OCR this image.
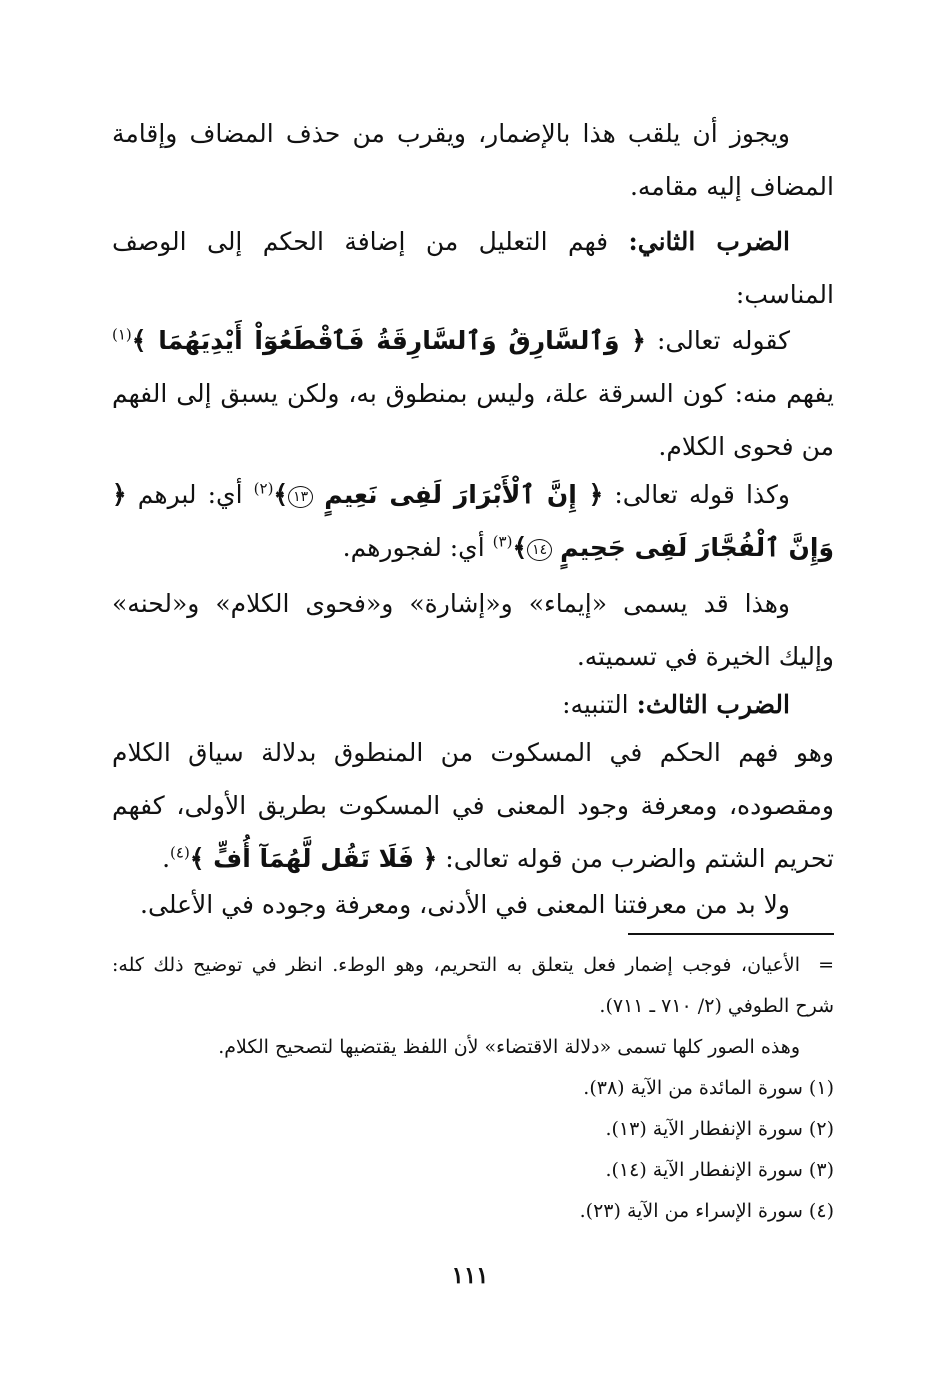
ويجوز أن يلقب هذا بالإضمار، ويقرب من حذف المضاف وإقامة المضاف إليه مقامه.
الضرب الثاني: فهم التعليل من إضافة الحكم إلى الوصف المناسب:
كقوله تعالى: ﴿ وَٱلسَّارِقُ وَٱلسَّارِقَةُ فَٱقْطَعُوٓاْ أَيْدِيَهُمَا ﴾$^{(١)}$ يفهم منه: كون السرقة علة، وليس بمنطوق به، ولكن يسبق إلى الفهم من فحوى الكلام.
وكذا قوله تعالى: ﴿ إِنَّ ٱلْأَبْرَارَ لَفِى نَعِيمٍ ١٣﴾$^{(٢)}$ أي: لبرهم ﴿ وَإِنَّ ٱلْفُجَّارَ لَفِى جَحِيمٍ ١٤﴾$^{(٣)}$ أي: لفجورهم.
وهذا قد يسمى «إيماء» و«إشارة» و«فحوى الكلام» و«لحنه» وإليك الخيرة في تسميته.
الضرب الثالث: التنبيه:
وهو فهم الحكم في المسكوت من المنطوق بدلالة سياق الكلام ومقصوده، ومعرفة وجود المعنى في المسكوت بطريق الأولى، كفهم تحريم الشتم والضرب من قوله تعالى: ﴿ فَلَا تَقُل لَّهُمَآ أُفٍّ ﴾$^{(٤)}$.
ولا بد من معرفتنا المعنى في الأدنى، ومعرفة وجوده في الأعلى.
=الأعيان، فوجب إضمار فعل يتعلق به التحريم، وهو الوطء. انظر في توضيح ذلك كله: شرح الطوفي (٢/ ٧١٠ ـ ٧١١).
وهذه الصور كلها تسمى «دلالة الاقتضاء» لأن اللفظ يقتضيها لتصحيح الكلام.
(١) سورة المائدة من الآية (٣٨).
(٢) سورة الإنفطار الآية (١٣).
(٣) سورة الإنفطار الآية (١٤).
(٤) سورة الإسراء من الآية (٢٣).
١١١
